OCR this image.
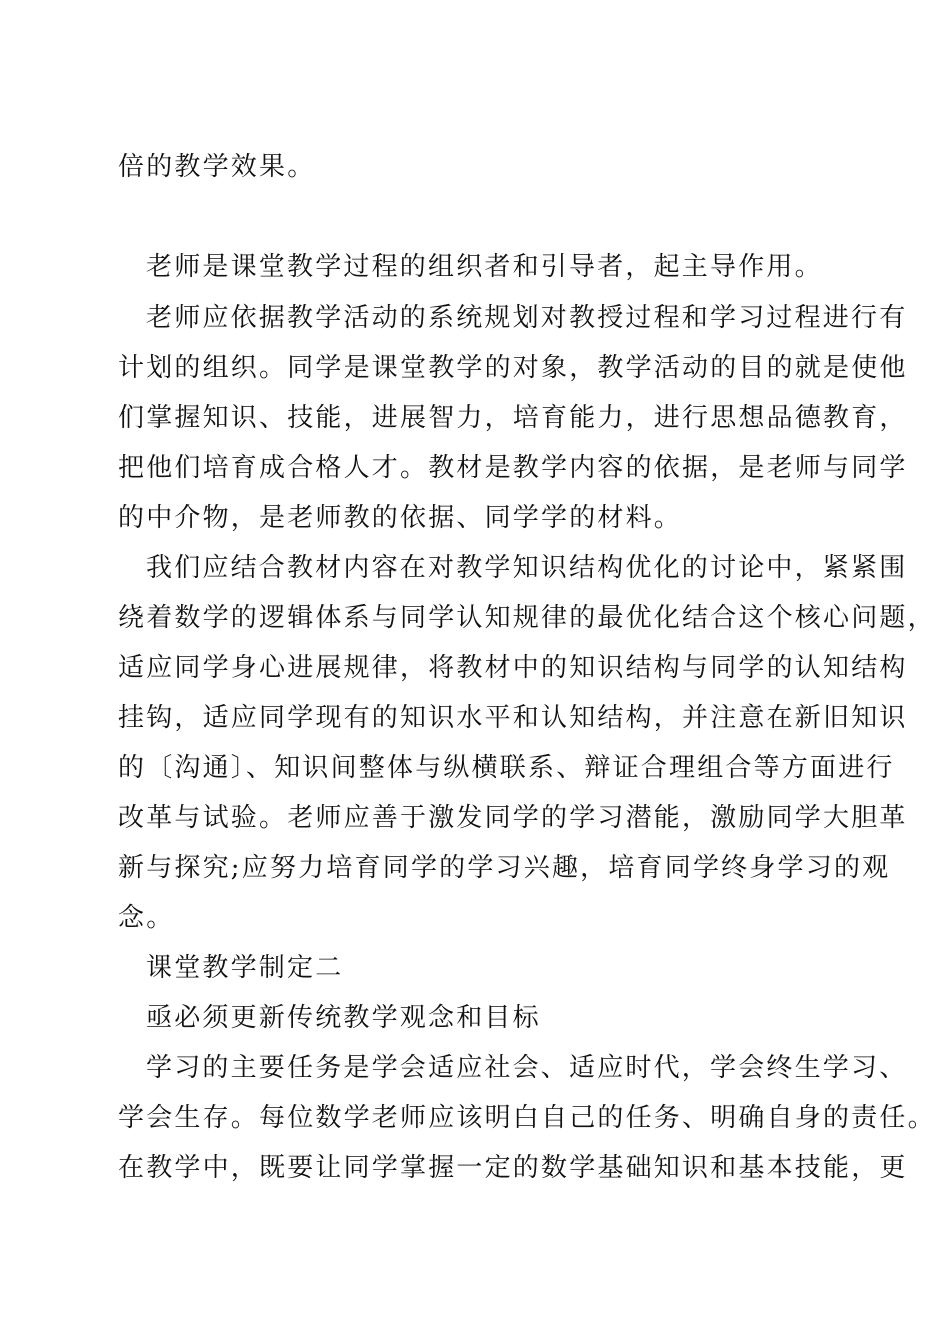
倍的教学效果。
老师是课堂教学过程的组织者和引导者，起主导作用。
老师应依据教学活动的系统规划对教授过程和学习过程进行有
计划的组织。同学是课堂教学的对象，教学活动的目的就是使他
们掌握知识、技能，进展智力，培育能力，进行思想品德教育，
把他们培育成合格人才。教材是教学内容的依据，是老师与同学
的中介物，是老师教的依据、同学学的材料。
我们应结合教材内容在对教学知识结构优化的讨论中，紧紧围
绕着数学的逻辑体系与同学认知规律的最优化结合这个核心问题，
适应同学身心进展规律，将教材中的知识结构与同学的认知结构
挂钩，适应同学现有的知识水平和认知结构，并注意在新旧知识
的〔沟通〕、知识间整体与纵横联系、辩证合理组合等方面进行
改革与试验。老师应善于激发同学的学习潜能，激励同学大胆革
新与探究;应努力培育同学的学习兴趣，培育同学终身学习的观
念。
课堂教学制定二
亟必须更新传统教学观念和目标
学习的主要任务是学会适应社会、适应时代，学会终生学习、
学会生存。每位数学老师应该明白自己的任务、明确自身的责任。
在教学中，既要让同学掌握一定的数学基础知识和基本技能，更
